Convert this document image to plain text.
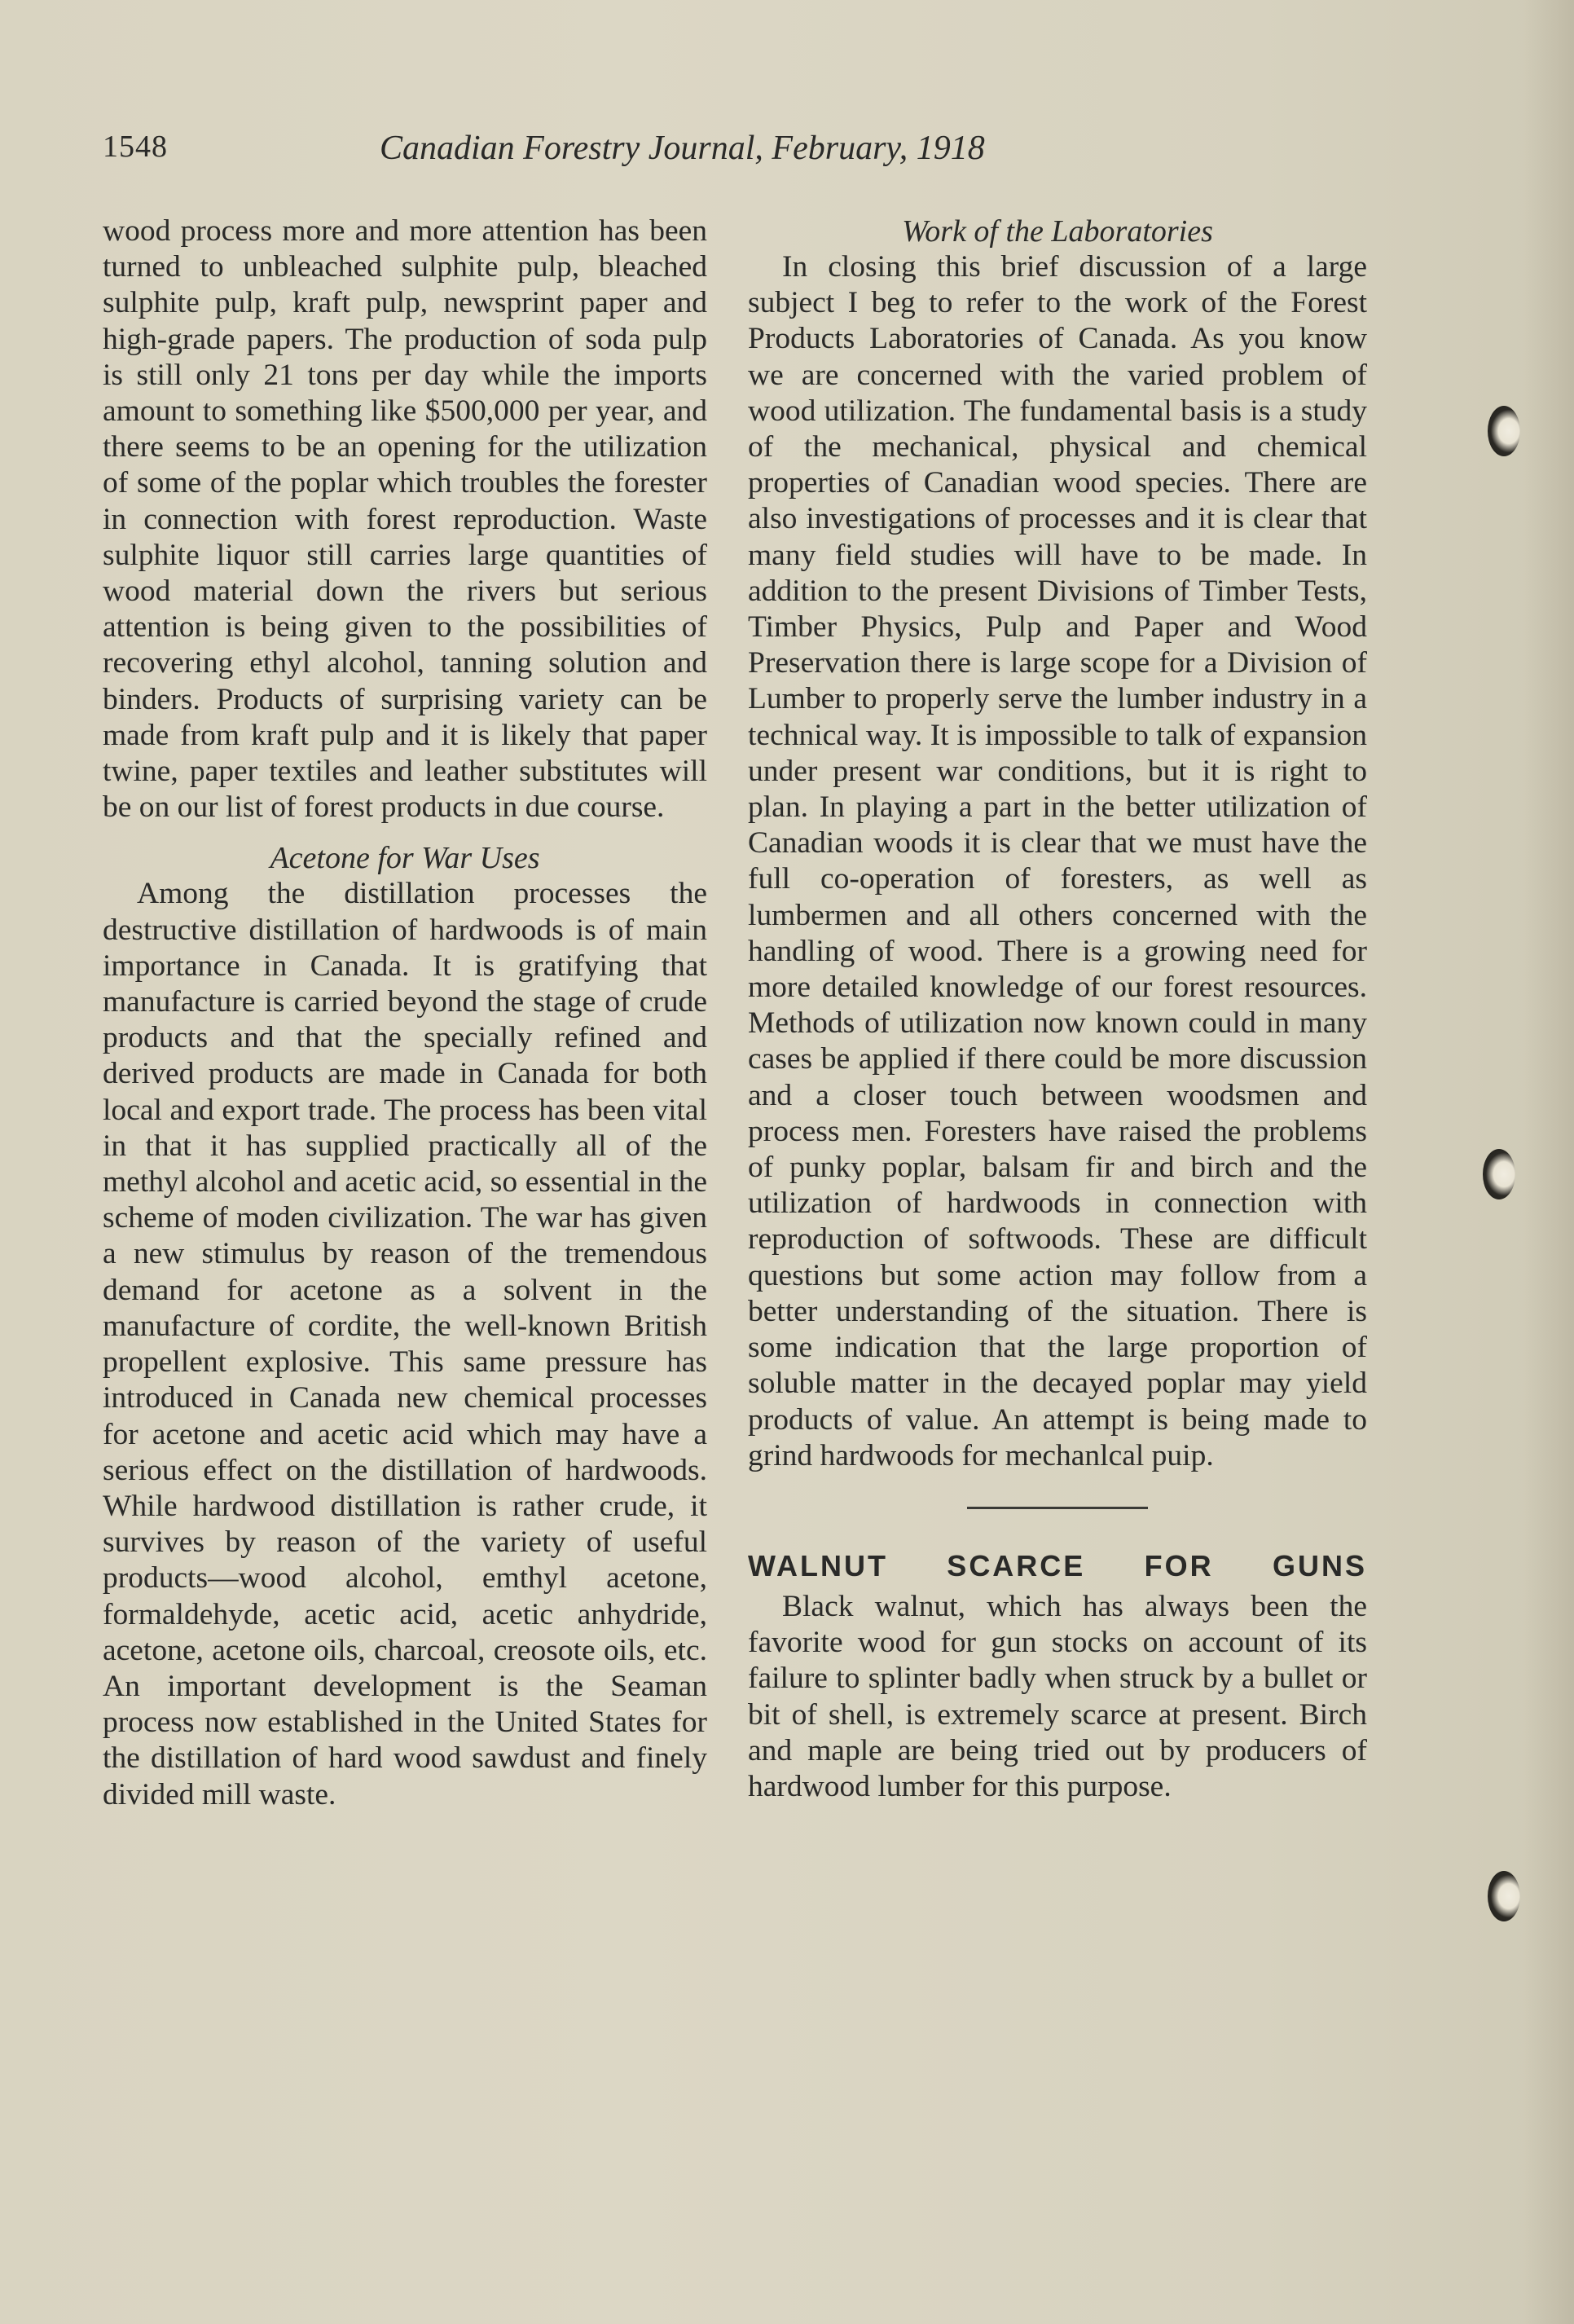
1548	Canadian Forestry Journal, February, 1918

wood process more and more attention has been turned to unbleached sulphite pulp, bleached sulphite pulp, kraft pulp, newsprint paper and high-grade papers. The production of soda pulp is still only 21 tons per day while the imports amount to something like $500,000 per year, and there seems to be an opening for the utilization of some of the poplar which troubles the forester in connection with forest reproduction. Waste sulphite liquor still carries large quantities of wood material down the rivers but serious attention is being given to the possibilities of recovering ethyl alcohol, tanning solution and binders. Products of surprising variety can be made from kraft pulp and it is likely that paper twine, paper textiles and leather substitutes will be on our list of forest products in due course.

Acetone for War Uses

Among the distillation processes the destructive distillation of hardwoods is of main importance in Canada. It is gratifying that manufacture is carried beyond the stage of crude products and that the specially refined and derived products are made in Canada for both local and export trade. The process has been vital in that it has supplied practically all of the methyl alcohol and acetic acid, so essential in the scheme of moden civilization. The war has given a new stimulus by reason of the tremendous demand for acetone as a solvent in the manufacture of cordite, the well-known British propellent explosive. This same pressure has introduced in Canada new chemical processes for acetone and acetic acid which may have a serious effect on the distillation of hardwoods. While hardwood distillation is rather crude, it survives by reason of the variety of useful products—wood alcohol, emthyl acetone, formaldehyde, acetic acid, acetic anhydride, acetone, acetone oils, charcoal, creosote oils, etc. An important development is the Seaman process now established in the United States for the distillation of hard wood sawdust and finely divided mill waste.

Work of the Laboratories

In closing this brief discussion of a large subject I beg to refer to the work of the Forest Products Laboratories of Canada. As you know we are concerned with the varied problem of wood utilization. The fundamental basis is a study of the mechanical, physical and chemical properties of Canadian wood species. There are also investigations of processes and it is clear that many field studies will have to be made. In addition to the present Divisions of Timber Tests, Timber Physics, Pulp and Paper and Wood Preservation there is large scope for a Division of Lumber to properly serve the lumber industry in a technical way. It is impossible to talk of expansion under present war conditions, but it is right to plan. In playing a part in the better utilization of Canadian woods it is clear that we must have the full co-operation of foresters, as well as lumbermen and all others concerned with the handling of wood. There is a growing need for more detailed knowledge of our forest resources. Methods of utilization now known could in many cases be applied if there could be more discussion and a closer touch between woodsmen and process men. Foresters have raised the problems of punky poplar, balsam fir and birch and the utilization of hardwoods in connection with reproduction of softwoods. These are difficult questions but some action may follow from a better understanding of the situation. There is some indication that the large proportion of soluble matter in the decayed poplar may yield products of value. An attempt is being made to grind hardwoods for mechanlcal puip.

WALNUT SCARCE FOR GUNS

Black walnut, which has always been the favorite wood for gun stocks on account of its failure to splinter badly when struck by a bullet or bit of shell, is extremely scarce at present. Birch and maple are being tried out by producers of hardwood lumber for this purpose.
